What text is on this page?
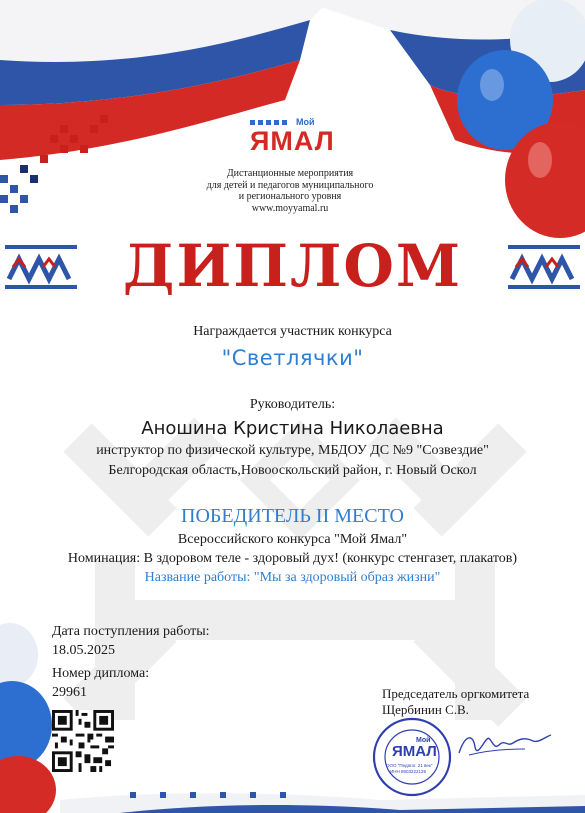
Мой
ЯМАЛ
Дистанционные мероприятия
для детей и педагогов муниципального
и регионального уровня
www.moyyamal.ru
ДИПЛОМ
Награждается участник конкурса
"Светлячки"
Руководитель:
Аношина Кристина Николаевна
инструктор по физической культуре, МБДОУ ДС №9 "Созвездие"
Белгородская область,Новооскольский район, г. Новый Оскол
ПОБЕДИТЕЛЬ II МЕСТО
Всероссийского конкурса "Мой Ямал"
Номинация: В здоровом теле - здоровый дух! (конкурс стенгазет, плакатов)
Название работы: "Мы за здоровый образ жизни"
Дата поступления работы:
18.05.2025
Номер диплома:
29961	Председатель оргкомитета
Щербинин С.В.
Мой
ЯМАЛ
ООО "Педагог. 21 век"
ИНН 8603222129
